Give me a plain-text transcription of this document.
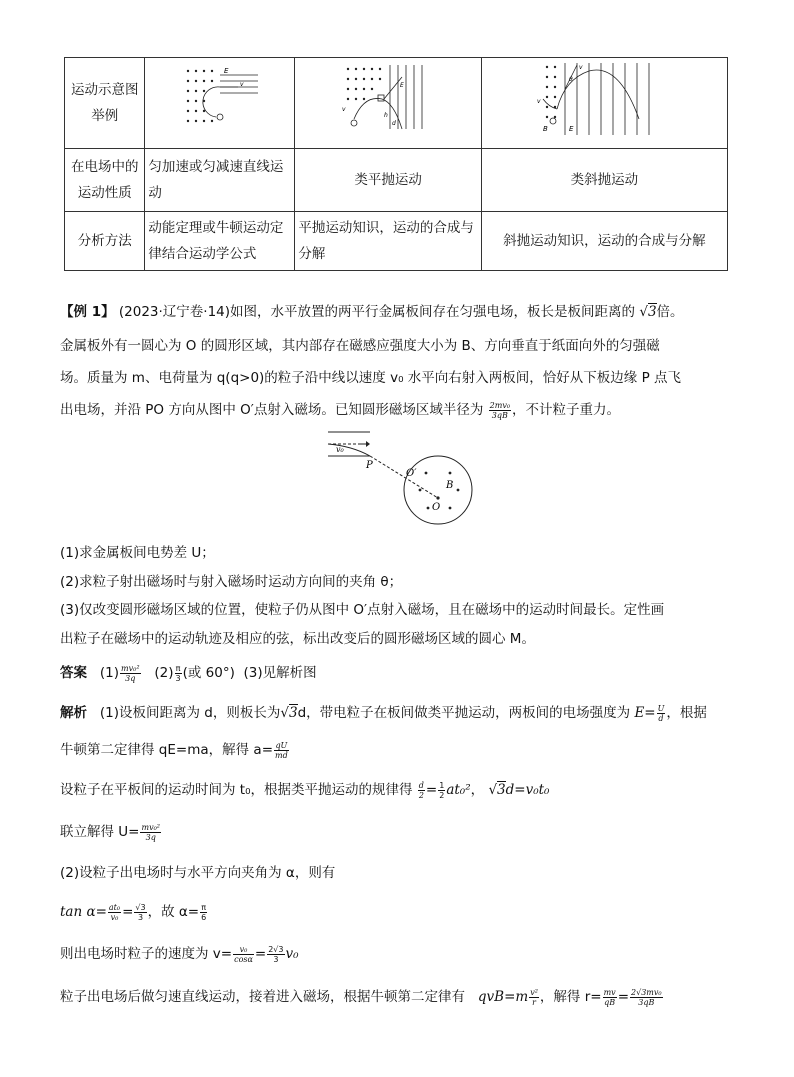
运动示意图举例	E
v	v
h
d
E	θ
v
v
B E

在电场中的运动性质	匀加速或匀减速直线运动	类平抛运动	类斜抛运动
分析方法	动能定理或牛顿运动定律结合运动学公式	平抛运动知识，运动的合成与分解	斜抛运动知识，运动的合成与分解
【例 1】 (2023·辽宁卷·14)如图，水平放置的两平行金属板间存在匀强电场，板长是板间距离的 √3倍。
金属板外有一圆心为 O 的圆形区域，其内部存在磁感应强度大小为 B、方向垂直于纸面向外的匀强磁
场。质量为 m、电荷量为 q(q>0)的粒子沿中线以速度 v₀ 水平向右射入两板间，恰好从下板边缘 P 点飞
出电场，并沿 PO 方向从图中 O′点射入磁场。已知圆形磁场区域半径为 $\frac{\text{2mv₀}}{3qB}$ ，不计粒子重力。
v₀
P
O′
B
O
(1)求金属板间电势差 U；
(2)求粒子射出磁场时与射入磁场时运动方向间的夹角 θ；
(3)仅改变圆形磁场区域的位置，使粒子仍从图中 O′点射入磁场，且在磁场中的运动时间最长。定性画
出粒子在磁场中的运动轨迹及相应的弦，标出改变后的圆形磁场区域的圆心 M。
答案 $(1) \frac{\text{mv₀²}}{3q} (2) \frac{\pi}{3}$ (或 60°) (3)见解析图
解析 (1)设板间距离为 d，则板长为√3d，带电粒子在板间做类平抛运动，两板间的电场强度为 $E= \frac{U}{d}$ ，根据
牛顿第二定律得 qE=ma，解得 $a= \frac{qU}{md}$
设粒子在平板间的运动时间为 t₀，根据类平抛运动的规律得 $\frac{d}{2} = \frac{1}{2} at_0^2$， √3d=v₀t₀
联立解得 $U= \frac{\text{mv₀²}}{3q}$
(2)设粒子出电场时与水平方向夹角为 α，则有
$\tan \alpha= \frac{\text{at₀}}{\text{v₀}} = \frac{√3}{3}$ ，故 $\alpha= \frac{\pi}{6}$
则出电场时粒子的速度为 $v= \frac{\text{v₀}}{\cos\alpha} = \frac{2√3}{3} v_0$
粒子出电场后做匀速直线运动，接着进入磁场，根据牛顿第二定律有 $qvB=m \frac{\text{v²}}{r}$ ，解得 $r= \frac{mv}{qB} = \frac{\text{2√3mv₀}}{3qB}$
